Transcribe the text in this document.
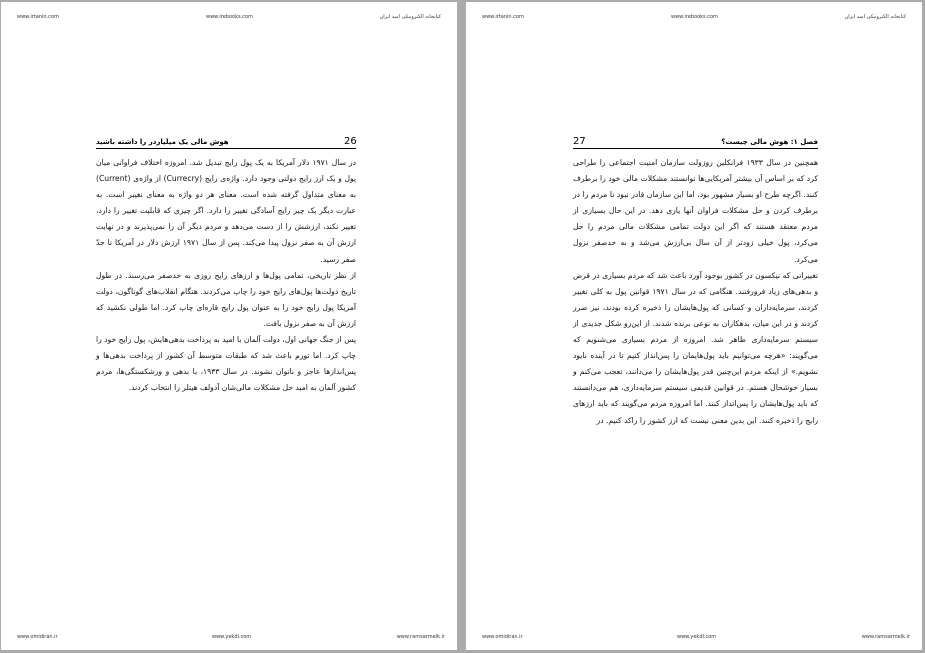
www.irtanin.com	www.irebooks.com	کتابخانه الکترونیکی امید ایران
26
هوش مالی یک میلیاردر را داشته باشید

در سال ۱۹۷۱ دلار آمریکا به یک پول رایج تبدیل شد. امروزه اختلاف فراوانی میان پول و یک ارز رایج دولتی وجود دارد. واژه‌ی رایج (Currecry) از واژه‌ی (Current) به معنای متداول گرفته شده است. معنای هر دو واژه به معنای تغییر است. به عبارت دیگر یک چیز رایج آسادگی تغییر را دارد. اگر چیزی که قابلیت تغییر را دارد، تغییر نکند، ارزشش را از دست می‌دهد و مردم دیگر آن را نمی‌پذیرند و در نهایت ارزش آن به صفر نزول پیدا می‌کند. پس از سال ۱۹۷۱ ارزش دلار در آمریکا تا حدّ صفر رسید.

از نظر تاریخی، تمامی پول‌ها و ارزهای رایج روزی به حدصفر می‌رسند. در طول تاریخ دولت‌ها پول‌های رایج خود را چاپ می‌کردند. هنگام انقلاب‌های گوناگون، دولت آمریکا پول رایج خود را به عنوان پول رایج قاره‌ای چاپ کرد. اما طولی نکشید که ارزش آن به صفر نزول یافت.

پس از جنگ جهانی اول، دولت آلمان با امید به پرداخت بدهی‌هایش، پول رایج خود را چاپ کرد. اما تورم باعث شد که طبقات متوسط آن کشور از پرداخت بدهی‌ها و پس‌اندازها عاجز و ناتوان نشوند. در سال ۱۹۳۳، با بدهی و ورشکستگی‌ها، مردم کشور آلمان به امید حل مشکلات مالی‌شان آدولف هیتلر را انتخاب کردند.

www.omidiran.ir	www.yekdl.com	www.ramsarmelk.ir
www.irtanin.com	www.irebooks.com	کتابخانه الکترونیکی امید ایران
27	فصل ۱: هوش مالی چیست؟

همچنین در سال ۱۹۳۳ فرانکلین روزولت سازمان امنیت اجتماعی را طراحی کرد که بر اساس آن بیشتر آمریکایی‌ها توانستند مشکلات مالی خود را برطرف کنند. اگرچه طرح او بسیار مشهور بود، اما این سازمان قادر نبود تا مردم را در برطرف کردن و حل مشکلات فراوان آنها یاری دهد. در این حال بسیاری از مردم معتقد هستند که اگر این دولت تمامی مشکلات مالی مردم را حل می‌کرد، پول خیلی زودتر از آن سال بی‌ارزش می‌شد و به حدصفر نزول می‌کرد.

تغییراتی که نیکسون در کشور بوجود آورد باعث شد که مردم بسیاری در قرض و بدهی‌های زیاد فرورفتند. هنگامی که در سال ۱۹۷۱ قوانین پول به کلی تغییر کردند، سرمایه‌داران و کسانی که پول‌هایشان را ذخیره کرده بودند، نیز ضرر کردند و در این میان، بدهکاران به نوعی برنده شدند. از این‌رو شکل جدیدی از سیستم سرمایه‌داری ظاهر شد. امروزه از مردم بسیاری می‌شنویم که می‌گویند: «هرچه می‌توانیم باید پول‌هایمان را پس‌انداز کنیم تا در آینده نابود نشویم.» از اینکه مردم این‌چنین قدر پول‌هایشان را می‌دانند، تعجب می‌کنم و بسیار خوشحال هستم. در قوانین قدیمی سیستم سرمایه‌داری، هم می‌دانستند که باید پول‌هایشان را پس‌انداز کنند. اما امروزه مردم می‌گویند که باید ارزهای رایج را ذخیره کنند. این بدین معنی نیست که ارز کشور را راکد کنیم. در

www.omidiran.ir	www.yekdl.com	www.ramsarmelk.ir
